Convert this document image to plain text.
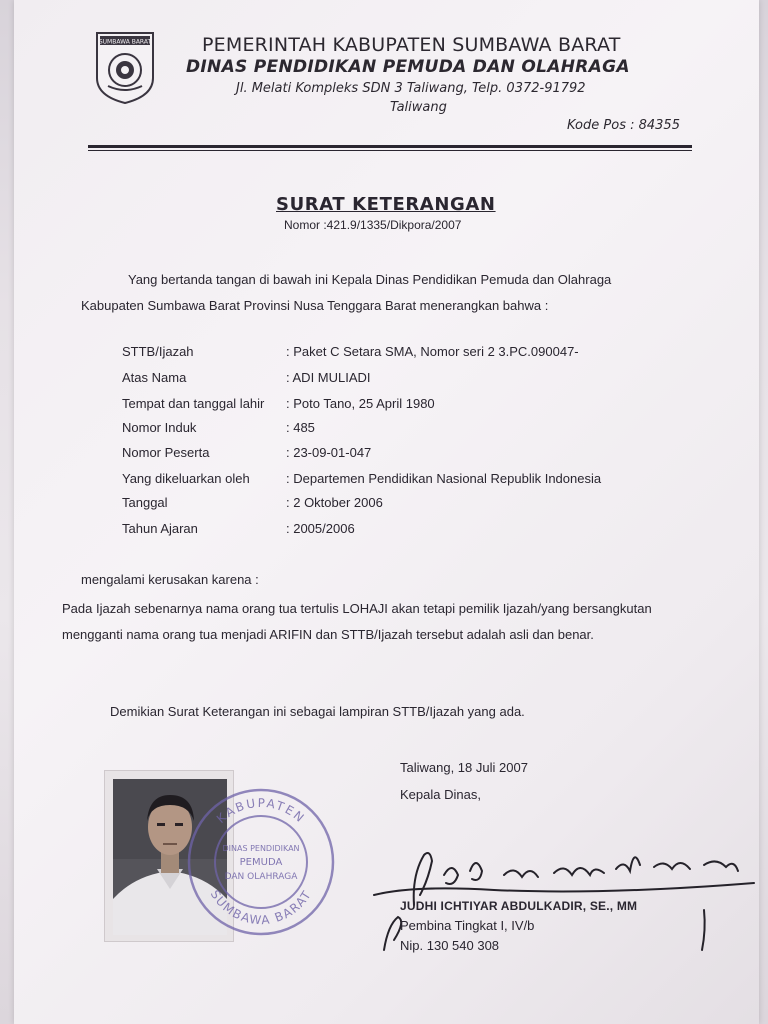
SUMBAWA BARAT	PEMERINTAH KABUPATEN SUMBAWA BARAT
DINAS PENDIDIKAN PEMUDA DAN OLAHRAGA
Jl. Melati Kompleks SDN 3 Taliwang, Telp. 0372-91792
Taliwang
Kode Pos : 84355
SURAT KETERANGAN
Nomor :421.9/1335/Dikpora/2007
Yang bertanda tangan di bawah ini Kepala Dinas Pendidikan Pemuda dan Olahraga
Kabupaten Sumbawa Barat Provinsi Nusa Tenggara Barat menerangkan bahwa :
STTB/Ijazah	: Paket C Setara SMA, Nomor seri 2 3.PC.090047-
Atas Nama	: ADI MULIADI
Tempat dan tanggal lahir : Poto Tano, 25 April 1980
Nomor Induk	: 485
Nomor Peserta	: 23-09-01-047
Yang dikeluarkan oleh	: Departemen Pendidikan Nasional Republik Indonesia
Tanggal	: 2 Oktober 2006
Tahun Ajaran	: 2005/2006
mengalami kerusakan karena :
Pada Ijazah sebenarnya nama orang tua tertulis LOHAJI akan tetapi pemilik Ijazah/yang bersangkutan mengganti nama orang tua menjadi ARIFIN dan STTB/Ijazah tersebut adalah asli dan benar.
Demikian Surat Keterangan ini sebagai lampiran STTB/Ijazah yang ada.
Taliwang, 18 Juli 2007
Kepala Dinas,
KABUPATEN
SUMBAWA BARAT
DINAS PENDIDIKAN
PEMUDA
DAN OLAHRAGA
JUDHI ICHTIYAR ABDULKADIR, SE., MM
Pembina Tingkat I, IV/b
Nip. 130 540 308
